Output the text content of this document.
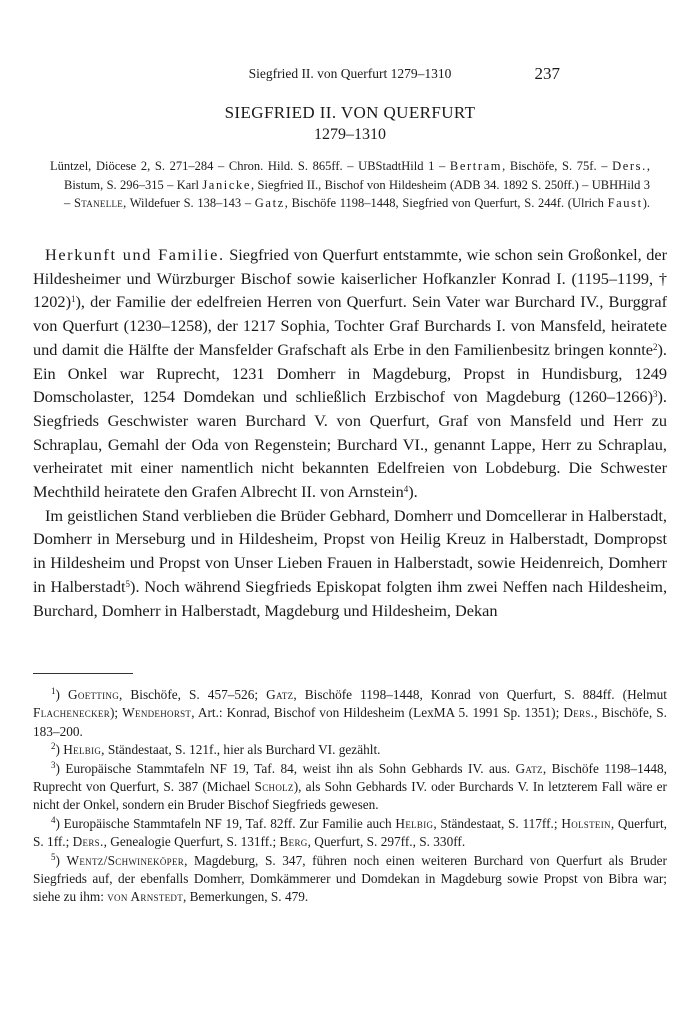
Siegfried II. von Querfurt 1279–1310	237
SIEGFRIED II. VON QUERFURT
1279–1310

Lüntzel, Diöcese 2, S. 271–284 – Chron. Hild. S. 865ff. – UBStadtHild 1 – Bertram, Bischöfe, S. 75f. – Ders., Bistum, S. 296–315 – Karl Janicke, Siegfried II., Bischof von Hildesheim (ADB 34. 1892 S. 250ff.) – UBHHild 3 – Stanelle, Wildefuer S. 138–143 – Gatz, Bischöfe 1198–1448, Siegfried von Querfurt, S. 244f. (Ulrich Faust).

Herkunft und Familie. Siegfried von Querfurt entstammte, wie schon sein Großonkel, der Hildesheimer und Würzburger Bischof sowie kaiserlicher Hofkanzler Konrad I. (1195–1199, † 1202)$^1$), der Familie der edelfreien Herren von Querfurt. Sein Vater war Burchard IV., Burggraf von Querfurt (1230–1258), der 1217 Sophia, Tochter Graf Burchards I. von Mansfeld, heiratete und damit die Hälfte der Mansfelder Grafschaft als Erbe in den Familienbesitz bringen konnte$^2$). Ein Onkel war Ruprecht, 1231 Domherr in Magdeburg, Propst in Hundisburg, 1249 Domscholaster, 1254 Domdekan und schließlich Erzbischof von Magdeburg (1260–1266)$^3$). Siegfrieds Geschwister waren Burchard V. von Querfurt, Graf von Mansfeld und Herr zu Schraplau, Gemahl der Oda von Regenstein; Burchard VI., genannt Lappe, Herr zu Schraplau, verheiratet mit einer namentlich nicht bekannten Edelfreien von Lobdeburg. Die Schwester Mechthild heiratete den Grafen Albrecht II. von Arnstein$^4$).

Im geistlichen Stand verblieben die Brüder Gebhard, Domherr und Domcellerar in Halberstadt, Domherr in Merseburg und in Hildesheim, Propst von Heilig Kreuz in Halberstadt, Dompropst in Hildesheim und Propst von Unser Lieben Frauen in Halberstadt, sowie Heidenreich, Domherr in Halberstadt$^5$). Noch während Siegfrieds Episkopat folgten ihm zwei Neffen nach Hildesheim, Burchard, Domherr in Halberstadt, Magdeburg und Hildesheim, Dekan

$^1$) Goetting, Bischöfe, S. 457–526; Gatz, Bischöfe 1198–1448, Konrad von Querfurt, S. 884ff. (Helmut Flachenecker); Wendehorst, Art.: Konrad, Bischof von Hildesheim (LexMA 5. 1991 Sp. 1351); Ders., Bischöfe, S. 183–200.

$^2$) Helbig, Ständestaat, S. 121f., hier als Burchard VI. gezählt.

$^3$) Europäische Stammtafeln NF 19, Taf. 84, weist ihn als Sohn Gebhards IV. aus. Gatz, Bischöfe 1198–1448, Ruprecht von Querfurt, S. 387 (Michael Scholz), als Sohn Gebhards IV. oder Burchards V. In letzterem Fall wäre er nicht der Onkel, sondern ein Bruder Bischof Siegfrieds gewesen.

$^4$) Europäische Stammtafeln NF 19, Taf. 82ff. Zur Familie auch Helbig, Ständestaat, S. 117ff.; Holstein, Querfurt, S. 1ff.; Ders., Genealogie Querfurt, S. 131ff.; Berg, Querfurt, S. 297ff., S. 330ff.

$^5$) Wentz/Schwineköper, Magdeburg, S. 347, führen noch einen weiteren Burchard von Querfurt als Bruder Siegfrieds auf, der ebenfalls Domherr, Domkämmerer und Domdekan in Magdeburg sowie Propst von Bibra war; siehe zu ihm: von Arnstedt, Bemerkungen, S. 479.
